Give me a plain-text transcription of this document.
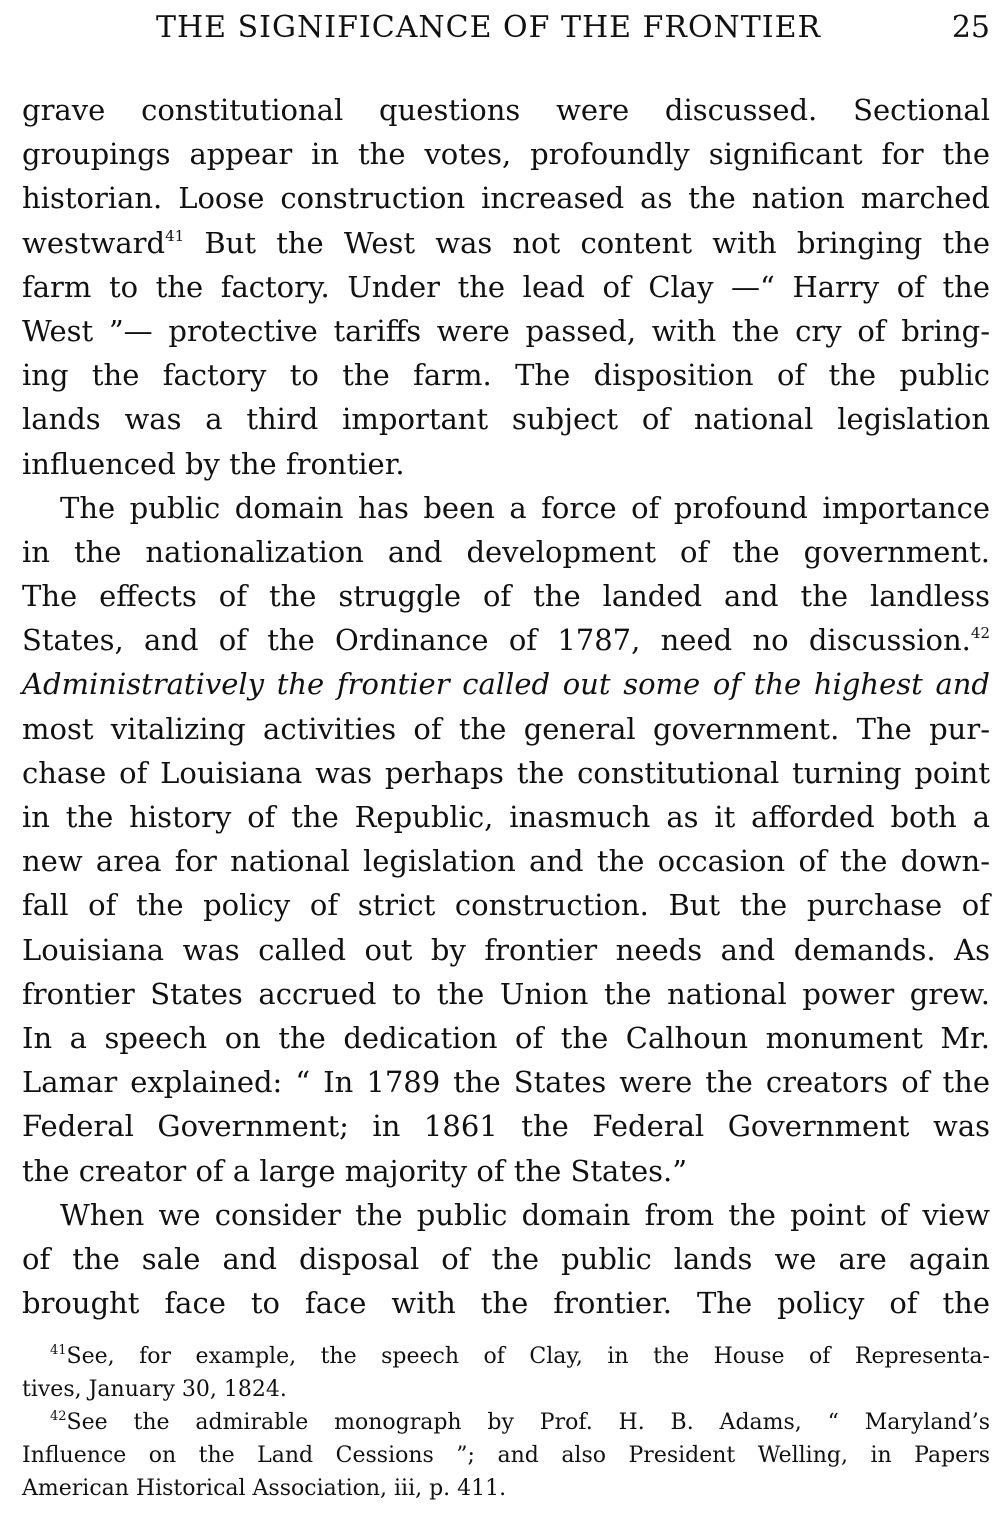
THE SIGNIFICANCE OF THE FRONTIER	25
grave constitutional questions were discussed. Sectional
groupings appear in the votes, profoundly significant for the
historian. Loose construction increased as the nation marched
westward$^{41}$ But the West was not content with bringing the
farm to the factory. Under the lead of Clay —“ Harry of the
West ”— protective tariffs were passed, with the cry of bring-
ing the factory to the farm. The disposition of the public
lands was a third important subject of national legislation
influenced by the frontier.
The public domain has been a force of profound importance
in the nationalization and development of the government.
The effects of the struggle of the landed and the landless
States, and of the Ordinance of 1787, need no discussion.$^{42}$
Administratively the frontier called out some of the highest and
most vitalizing activities of the general government. The pur-
chase of Louisiana was perhaps the constitutional turning point
in the history of the Republic, inasmuch as it afforded both a
new area for national legislation and the occasion of the down-
fall of the policy of strict construction. But the purchase of
Louisiana was called out by frontier needs and demands. As
frontier States accrued to the Union the national power grew.
In a speech on the dedication of the Calhoun monument Mr.
Lamar explained: “ In 1789 the States were the creators of the
Federal Government; in 1861 the Federal Government was
the creator of a large majority of the States.”
When we consider the public domain from the point of view
of the sale and disposal of the public lands we are again
brought face to face with the frontier. The policy of the
$^{41}$See, for example, the speech of Clay, in the House of Representa-
tives, January 30, 1824.
$^{42}$See the admirable monograph by Prof. H. B. Adams, “ Maryland’s
Influence on the Land Cessions ”; and also President Welling, in Papers
American Historical Association, iii, p. 411.
